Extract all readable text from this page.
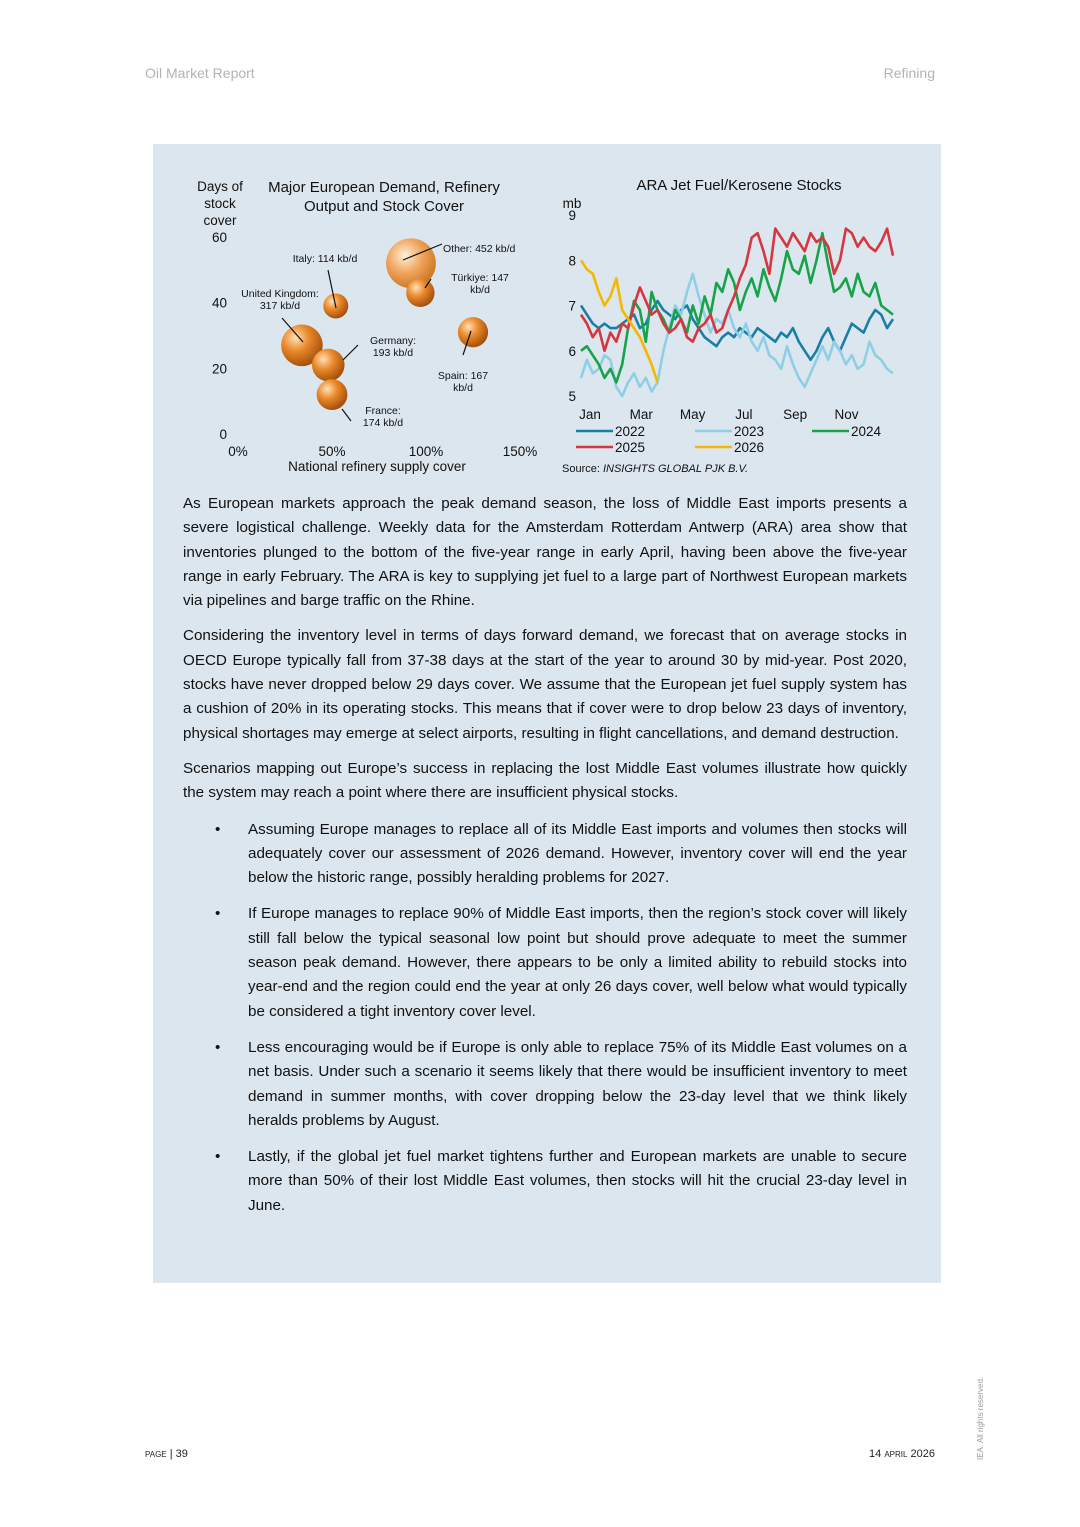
Oil Market Report	Refining
Days of
stock
cover
Major European Demand, Refinery
Output and Stock Cover
60
40
20
0
0%	50%	100%	150%
Italy: 114 kb/d
Other: 452 kb/d
Türkiye: 147
kb/d
United Kingdom:
317 kb/d
Germany:
193 kb/d
Spain: 167
kb/d
France:
174 kb/d
National refinery supply cover
ARA Jet Fuel/Kerosene Stocks
mb
9
8
7
6
5
Jan Mar May Jul Sep Nov
2022	2023	2024
2025	2026
Source: INSIGHTS GLOBAL PJK B.V.

As European markets approach the peak demand season, the loss of Middle East imports presents a severe logistical challenge. Weekly data for the Amsterdam Rotterdam Antwerp (ARA) area show that inventories plunged to the bottom of the five-year range in early April, having been above the five-year range in early February. The ARA is key to supplying jet fuel to a large part of Northwest European markets via pipelines and barge traffic on the Rhine.

Considering the inventory level in terms of days forward demand, we forecast that on average stocks in OECD Europe typically fall from 37-38 days at the start of the year to around 30 by mid-year. Post 2020, stocks have never dropped below 29 days cover. We assume that the European jet fuel supply system has a cushion of 20% in its operating stocks. This means that if cover were to drop below 23 days of inventory, physical shortages may emerge at select airports, resulting in flight cancellations, and demand destruction.

Scenarios mapping out Europe’s success in replacing the lost Middle East volumes illustrate how quickly the system may reach a point where there are insufficient physical stocks.

• Assuming Europe manages to replace all of its Middle East imports and volumes then stocks will adequately cover our assessment of 2026 demand. However, inventory cover will end the year below the historic range, possibly heralding problems for 2027.
• If Europe manages to replace 90% of Middle East imports, then the region’s stock cover will likely still fall below the typical seasonal low point but should prove adequate to meet the summer season peak demand. However, there appears to be only a limited ability to rebuild stocks into year-end and the region could end the year at only 26 days cover, well below what would typically be considered a tight inventory cover level.
• Less encouraging would be if Europe is only able to replace 75% of its Middle East volumes on a net basis. Under such a scenario it seems likely that there would be insufficient inventory to meet demand in summer months, with cover dropping below the 23-day level that we think likely heralds problems by August.
• Lastly, if the global jet fuel market tightens further and European markets are unable to secure more than 50% of their lost Middle East volumes, then stocks will hit the crucial 23-day level in June.
PAGE | 39	14 APRIL 2026	IEA. All rights reserved.
